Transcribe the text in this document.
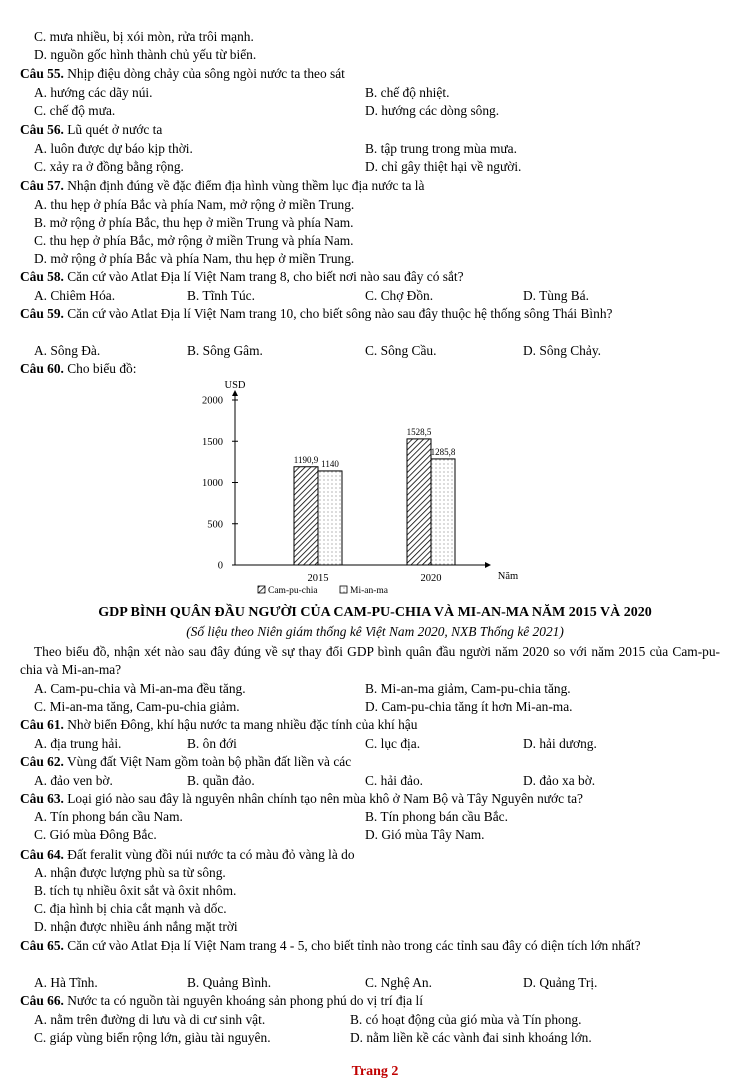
C. mưa nhiều, bị xói mòn, rửa trôi mạnh.
D. nguồn gốc hình thành chủ yếu từ biển.
Câu 55. Nhịp điệu dòng chảy của sông ngòi nước ta theo sát
A. hướng các dãy núi.	B. chế độ nhiệt.
C. chế độ mưa.	D. hướng các dòng sông.
Câu 56. Lũ quét ở nước ta
A. luôn được dự báo kịp thời.	B. tập trung trong mùa mưa.
C. xảy ra ở đồng bằng rộng.	D. chỉ gây thiệt hại về người.
Câu 57. Nhận định đúng về đặc điểm địa hình vùng thềm lục địa nước ta là
A. thu hẹp ở phía Bắc và phía Nam, mở rộng ở miền Trung.
B. mở rộng ở phía Bắc, thu hẹp ở miền Trung và phía Nam.
C. thu hẹp ở phía Bắc, mở rộng ở miền Trung và phía Nam.
D. mở rộng ở phía Bắc và phía Nam, thu hẹp ở miền Trung.
Câu 58. Căn cứ vào Atlat Địa lí Việt Nam trang 8, cho biết nơi nào sau đây có sắt?
A. Chiêm Hóa.	B. Tĩnh Túc.	C. Chợ Đồn.	D. Tùng Bá.
Câu 59. Căn cứ vào Atlat Địa lí Việt Nam trang 10, cho biết sông nào sau đây thuộc hệ thống sông Thái Bình?
A. Sông Đà.	B. Sông Gâm.	C. Sông Cầu.	D. Sông Chảy.
Câu 60. Cho biểu đồ:
USD
Năm
0
500
1000
1500
2000
2015
1190,9 1140
2020
1528,5
1285,8
Cam-pu-chia	Mi-an-ma
GDP BÌNH QUÂN ĐẦU NGƯỜI CỦA CAM-PU-CHIA VÀ MI-AN-MA NĂM 2015 VÀ 2020
(Số liệu theo Niên giám thống kê Việt Nam 2020, NXB Thống kê 2021)
Theo biểu đồ, nhận xét nào sau đây đúng về sự thay đổi GDP bình quân đầu người năm 2020 so với năm 2015 của Cam-pu-chia và Mi-an-ma?
A. Cam-pu-chia và Mi-an-ma đều tăng.	B. Mi-an-ma giảm, Cam-pu-chia tăng.
C. Mi-an-ma tăng, Cam-pu-chia giảm.	D. Cam-pu-chia tăng ít hơn Mi-an-ma.
Câu 61. Nhờ biển Đông, khí hậu nước ta mang nhiều đặc tính của khí hậu
A. địa trung hải.	B. ôn đới	C. lục địa.	D. hải dương.
Câu 62. Vùng đất Việt Nam gồm toàn bộ phần đất liền và các
A. đảo ven bờ.	B. quần đảo.	C. hải đảo.	D. đảo xa bờ.
Câu 63. Loại gió nào sau đây là nguyên nhân chính tạo nên mùa khô ở Nam Bộ và Tây Nguyên nước ta?
A. Tín phong bán cầu Nam.	B. Tín phong bán cầu Bắc.
C. Gió mùa Đông Bắc.	D. Gió mùa Tây Nam.
Câu 64. Đất feralit vùng đồi núi nước ta có màu đỏ vàng là do
A. nhận được lượng phù sa từ sông.
B. tích tụ nhiều ôxit sắt và ôxit nhôm.
C. địa hình bị chia cắt mạnh và dốc.
D. nhận được nhiều ánh nắng mặt trời
Câu 65. Căn cứ vào Atlat Địa lí Việt Nam trang 4 - 5, cho biết tỉnh nào trong các tỉnh sau đây có diện tích lớn nhất?
A. Hà Tĩnh.	B. Quảng Bình.	C. Nghệ An.	D. Quảng Trị.
Câu 66. Nước ta có nguồn tài nguyên khoáng sản phong phú do vị trí địa lí
A. nằm trên đường di lưu và di cư sinh vật.	B. có hoạt động của gió mùa và Tín phong.
C. giáp vùng biển rộng lớn, giàu tài nguyên.	D. nằm liền kề các vành đai sinh khoáng lớn.
Trang 2
